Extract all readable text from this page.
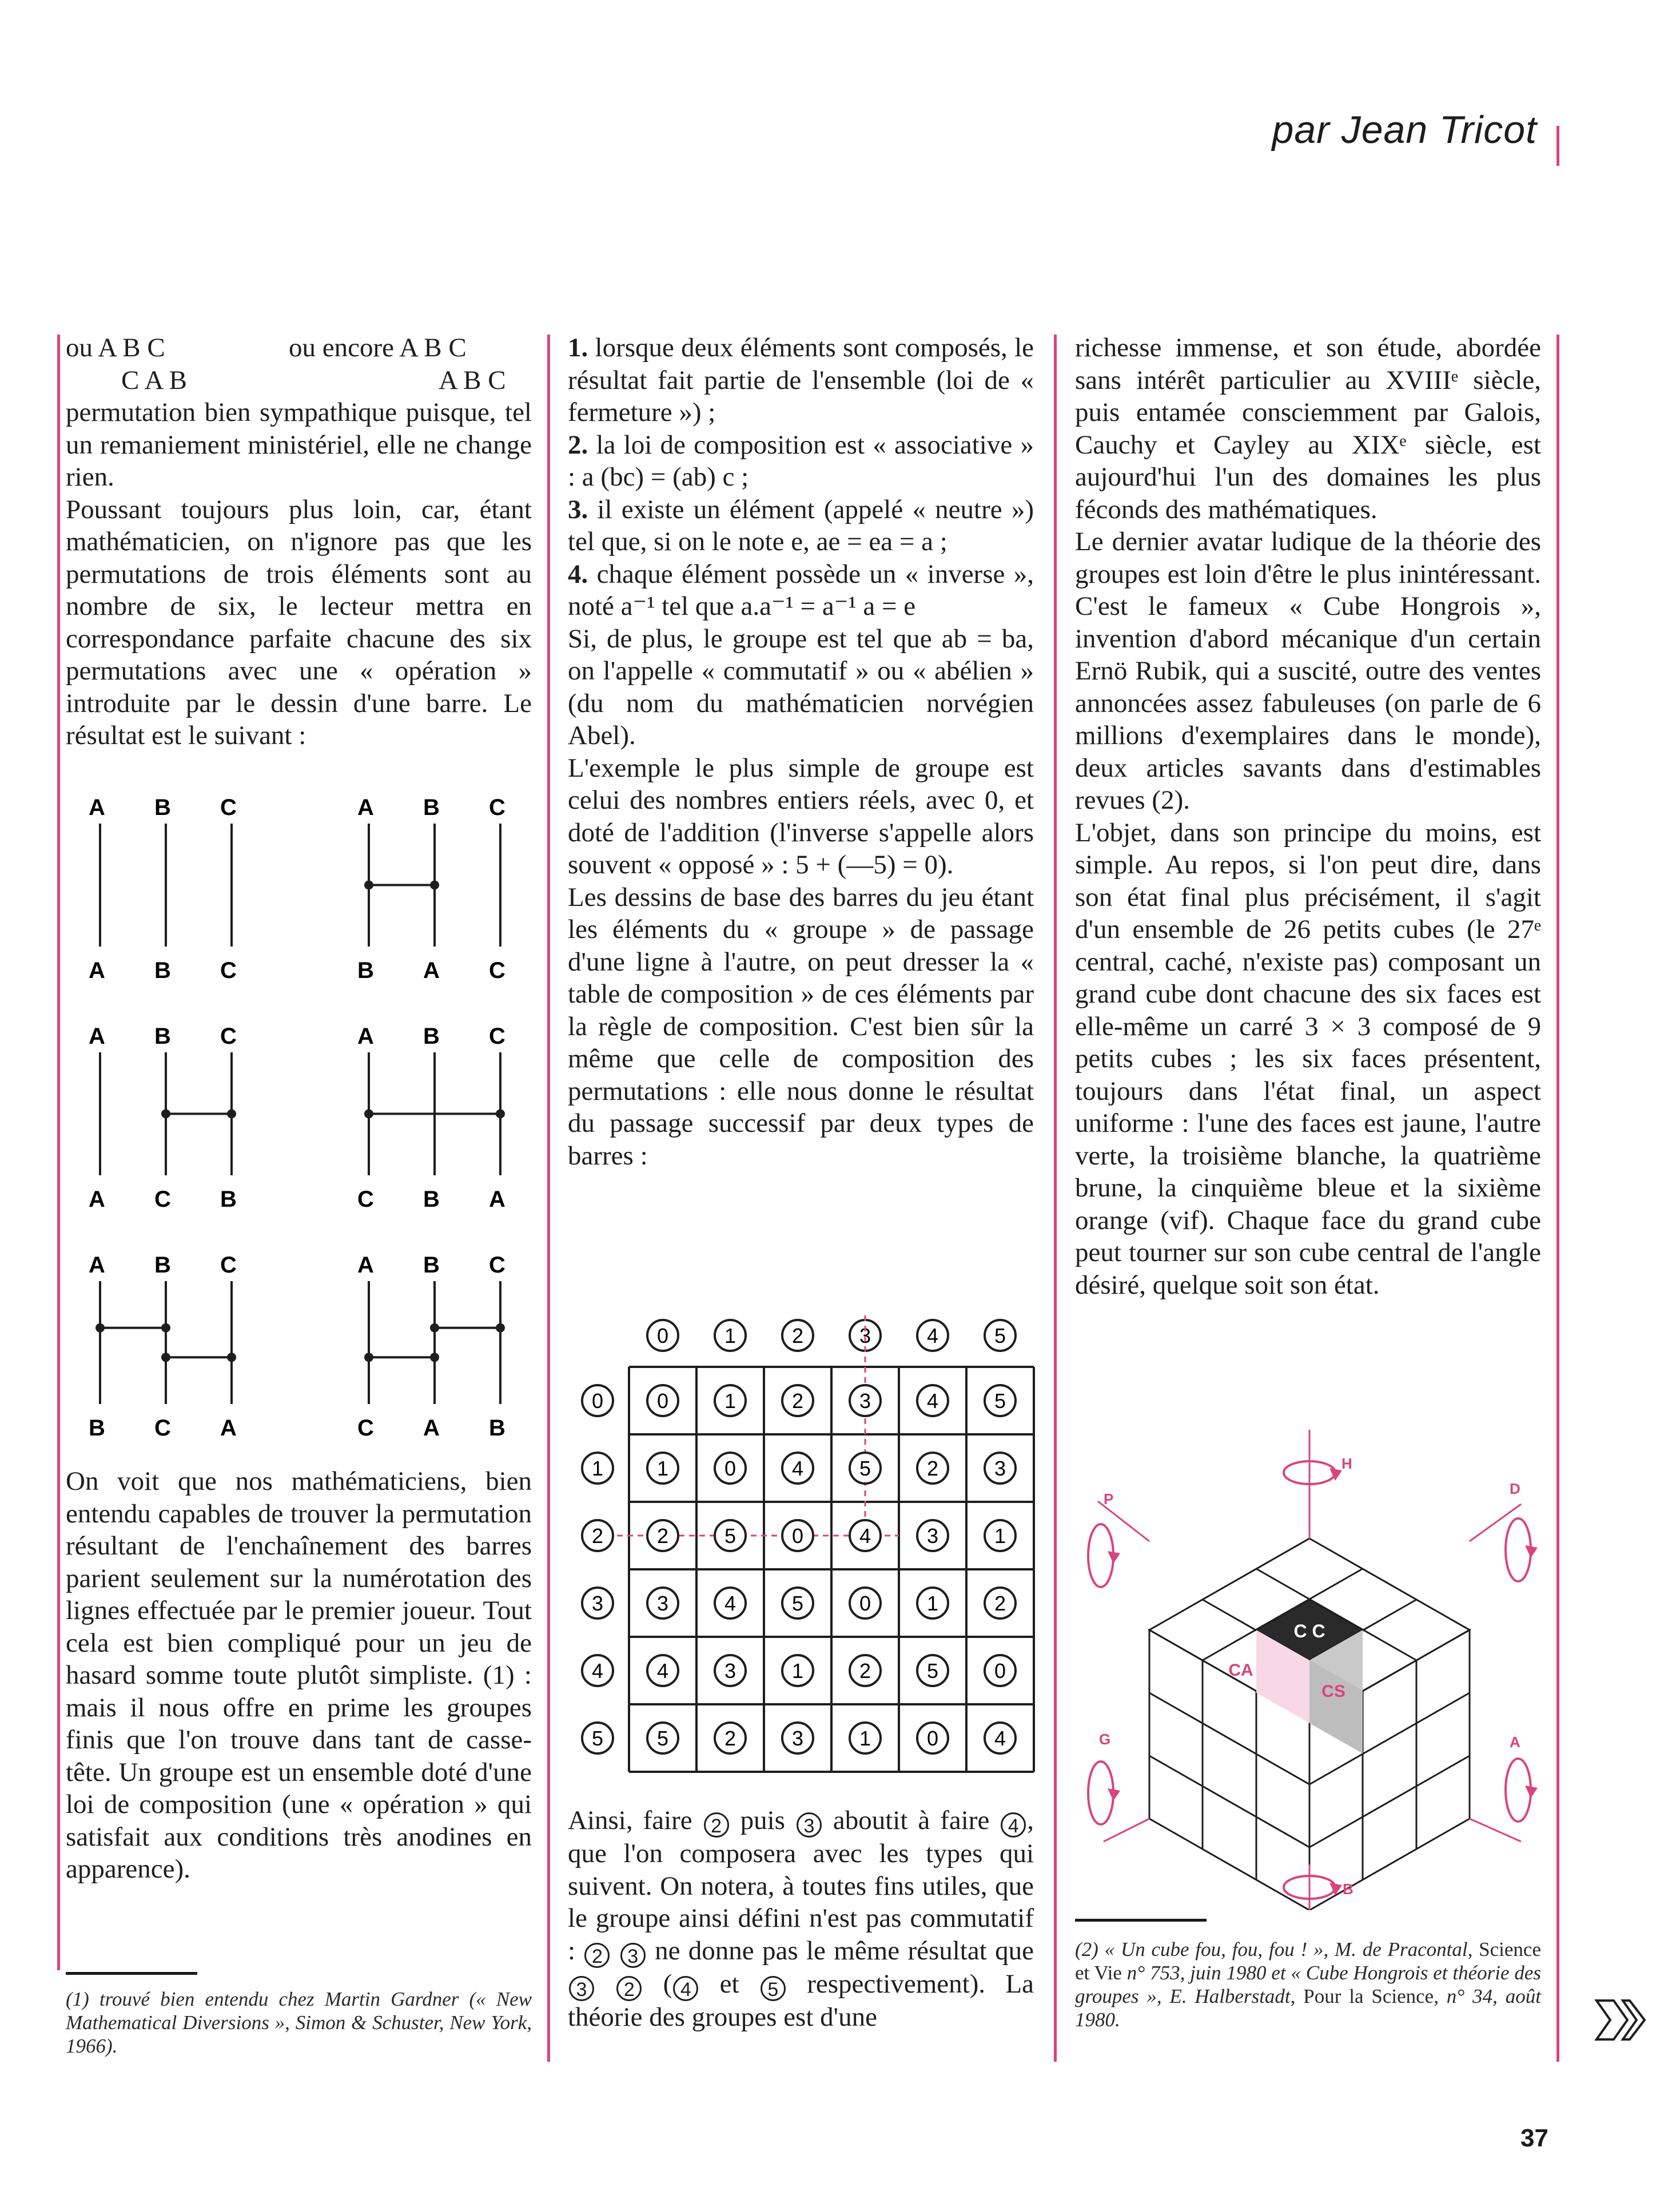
par Jean Tricot
ou A B C	ou encore A B C
C A B	A B C

permutation bien sympathique puisque, tel un remaniement ministériel, elle ne change rien.

Poussant toujours plus loin, car, étant mathématicien, on n'ignore pas que les permutations de trois éléments sont au nombre de six, le lecteur mettra en correspondance parfaite chacune des six permutations avec une « opération » introduite par le dessin d'une barre. Le résultat est le suivant :

A B C
A B C
A B C
B A C
A B C
A C B
A B C
C B A
A B C
B C A
A B C
C A B

On voit que nos mathématiciens, bien entendu capables de trouver la permutation résultant de l'enchaînement des barres parient seulement sur la numérotation des lignes effectuée par le premier joueur. Tout cela est bien compliqué pour un jeu de hasard somme toute plutôt simpliste. (1) : mais il nous offre en prime les groupes finis que l'on trouve dans tant de casse-tête. Un groupe est un ensemble doté d'une loi de composition (une « opération » qui satisfait aux conditions très anodines en apparence).

(1) trouvé bien entendu chez Martin Gardner (« New Mathematical Diversions », Simon & Schuster, New York, 1966).

1. lorsque deux éléments sont composés, le résultat fait partie de l'ensemble (loi de « fermeture ») ;

2. la loi de composition est « associative » : a (bc) = (ab) c ;

3. il existe un élément (appelé « neutre ») tel que, si on le note e, ae = ea = a ;

4. chaque élément possède un « inverse », noté a⁻¹ tel que a.a⁻¹ = a⁻¹ a = e

Si, de plus, le groupe est tel que ab = ba, on l'appelle « commutatif » ou « abélien » (du nom du mathématicien norvégien Abel).

L'exemple le plus simple de groupe est celui des nombres entiers réels, avec 0, et doté de l'addition (l'inverse s'appelle alors souvent « opposé » : 5 + (—5) = 0).

Les dessins de base des barres du jeu étant les éléments du « groupe » de passage d'une ligne à l'autre, on peut dresser la « table de composition » de ces éléments par la règle de composition. C'est bien sûr la même que celle de composition des permutations : elle nous donne le résultat du passage successif par deux types de barres :

0	1	2	3	4	5
0	0	1	2	3	4	5
1	1	0	4	5	2	3
2	2	5	0	4	3	1
3	3	4	5	0	1	2
4	4	3	1	2	5	0
5	5	2	3	1	0	4

Ainsi, faire 2 puis 3 aboutit à faire 4 , que l'on composera avec les types qui suivent. On notera, à toutes fins utiles, que le groupe ainsi défini n'est pas commutatif : 2 3 ne donne pas le même résultat que 3 2 ( 4 et 5 respectivement). La théorie des groupes est d'une

richesse immense, et son étude, abordée sans intérêt particulier au XVIIIᵉ siècle, puis entamée consciemment par Galois, Cauchy et Cayley au XIXᵉ siècle, est aujourd'hui l'un des domaines les plus féconds des mathématiques.

Le dernier avatar ludique de la théorie des groupes est loin d'être le plus inintéressant. C'est le fameux « Cube Hongrois », invention d'abord mécanique d'un certain Ernö Rubik, qui a suscité, outre des ventes annoncées assez fabuleuses (on parle de 6 millions d'exemplaires dans le monde), deux articles savants dans d'estimables revues (2).

L'objet, dans son principe du moins, est simple. Au repos, si l'on peut dire, dans son état final plus précisément, il s'agit d'un ensemble de 26 petits cubes (le 27ᵉ central, caché, n'existe pas) composant un grand cube dont chacune des six faces est elle-même un carré 3 × 3 composé de 9 petits cubes ; les six faces présentent, toujours dans l'état final, un aspect uniforme : l'une des faces est jaune, l'autre verte, la troisième blanche, la quatrième brune, la cinquième bleue et la sixième orange (vif). Chaque face du grand cube peut tourner sur son cube central de l'angle désiré, quelque soit son état.

C C
CA
CS
H
B
P
D
G	A
(2) « Un cube fou, fou, fou ! », M. de Pracontal, Science et Vie n° 753, juin 1980 et « Cube Hongrois et théorie des groupes », E. Halberstadt, Pour la Science, n° 34, août 1980.
37
